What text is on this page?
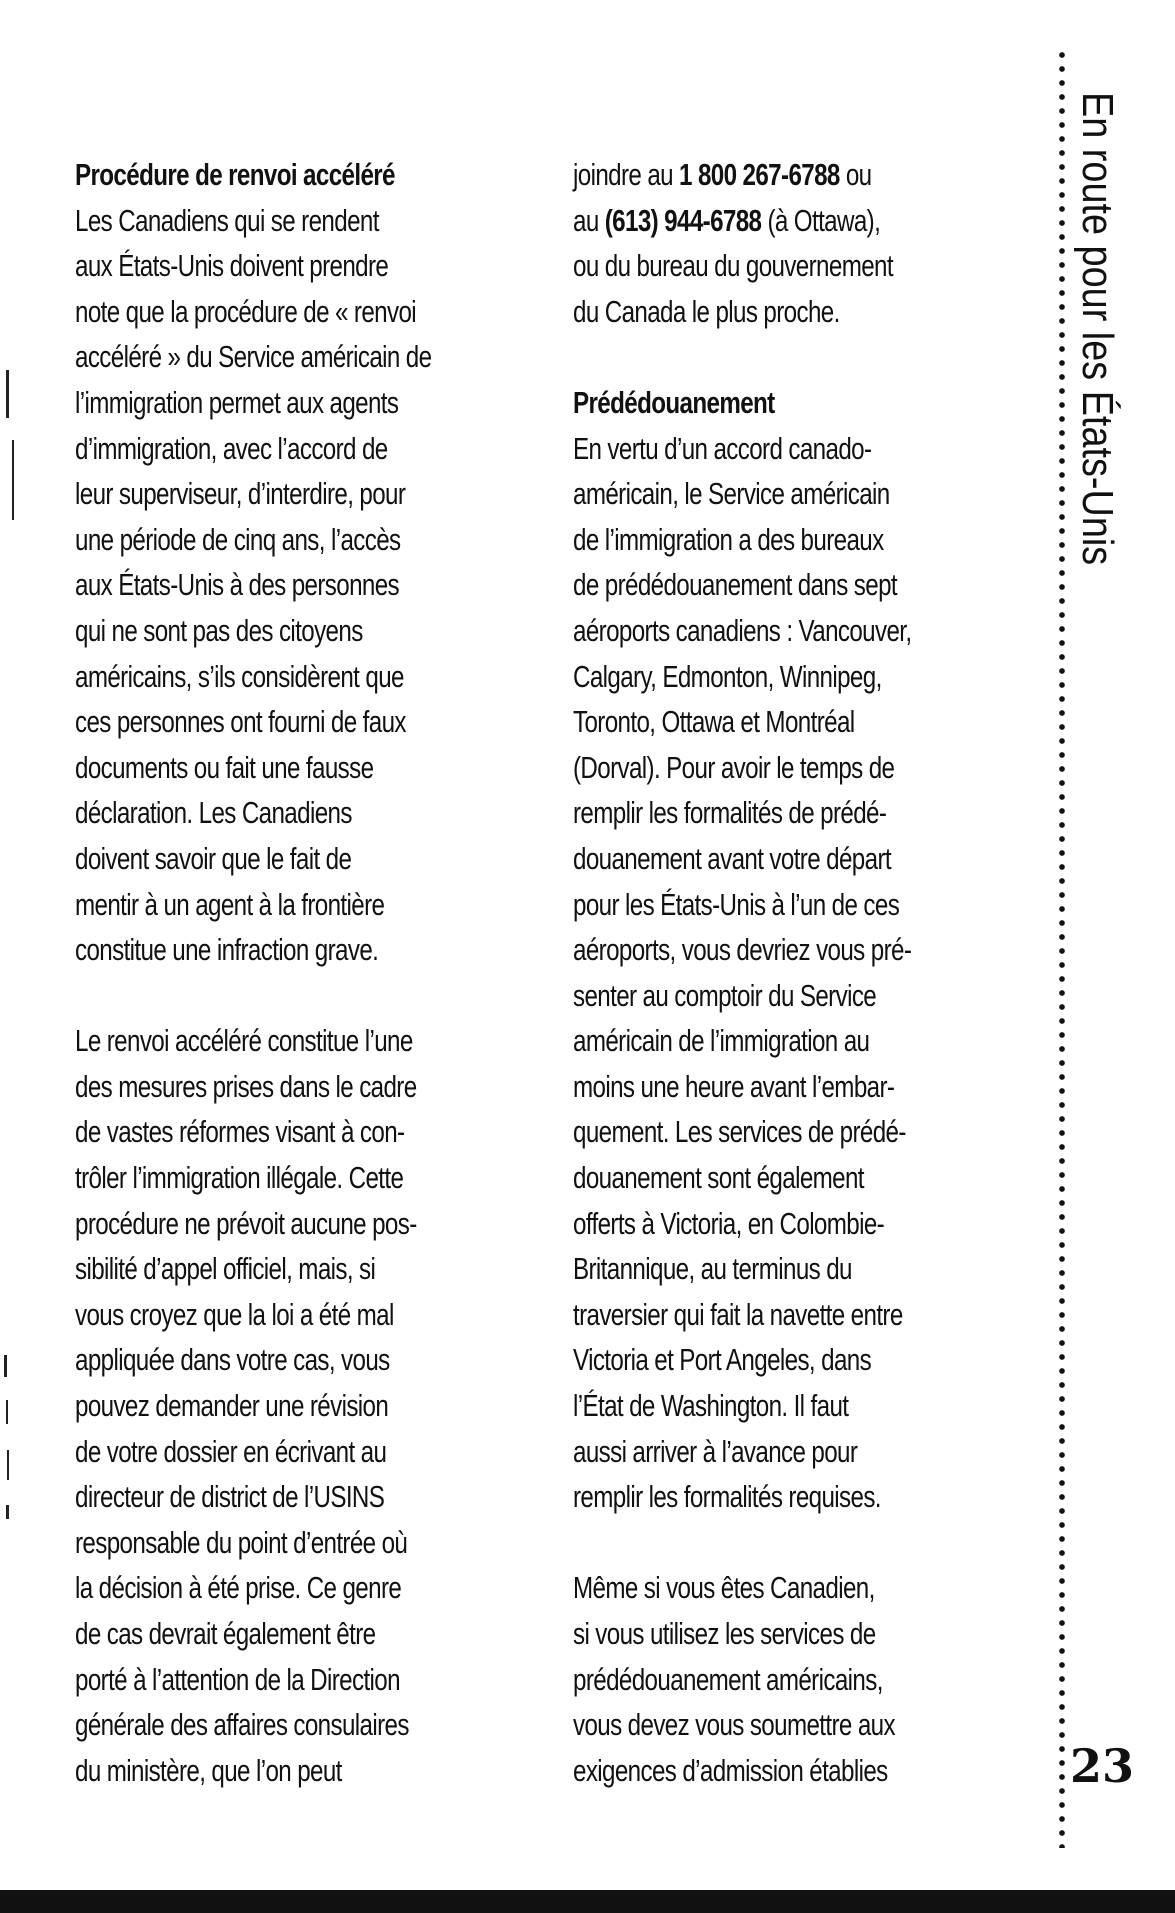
Procédure de renvoi accéléré
Les Canadiens qui se rendent
aux États-Unis doivent prendre
note que la procédure de « renvoi
accéléré » du Service américain de
l’immigration permet aux agents
d’immigration, avec l’accord de
leur superviseur, d’interdire, pour
une période de cinq ans, l’accès
aux États-Unis à des personnes
qui ne sont pas des citoyens
américains, s’ils considèrent que
ces personnes ont fourni de faux
documents ou fait une fausse
déclaration. Les Canadiens
doivent savoir que le fait de
mentir à un agent à la frontière
constitue une infraction grave.

Le renvoi accéléré constitue l’une
des mesures prises dans le cadre
de vastes réformes visant à con-
trôler l’immigration illégale. Cette
procédure ne prévoit aucune pos-
sibilité d’appel officiel, mais, si
vous croyez que la loi a été mal
appliquée dans votre cas, vous
pouvez demander une révision
de votre dossier en écrivant au
directeur de district de l’USINS
responsable du point d’entrée où
la décision à été prise. Ce genre
de cas devrait également être
porté à l’attention de la Direction
générale des affaires consulaires
du ministère, que l’on peut

joindre au 1 800 267-6788 ou
au (613) 944-6788 (à Ottawa),
ou du bureau du gouvernement
du Canada le plus proche.

Prédédouanement
En vertu d’un accord canado-
américain, le Service américain
de l’immigration a des bureaux
de prédédouanement dans sept
aéroports canadiens : Vancouver,
Calgary, Edmonton, Winnipeg,
Toronto, Ottawa et Montréal
(Dorval). Pour avoir le temps de
remplir les formalités de prédé-
douanement avant votre départ
pour les États-Unis à l’un de ces
aéroports, vous devriez vous pré-
senter au comptoir du Service
américain de l’immigration au
moins une heure avant l’embar-
quement. Les services de prédé-
douanement sont également
offerts à Victoria, en Colombie-
Britannique, au terminus du
traversier qui fait la navette entre
Victoria et Port Angeles, dans
l’État de Washington. Il faut
aussi arriver à l’avance pour
remplir les formalités requises.

Même si vous êtes Canadien,
si vous utilisez les services de
prédédouanement américains,
vous devez vous soumettre aux
exigences d’admission établies

En route pour les États-Unis
23
